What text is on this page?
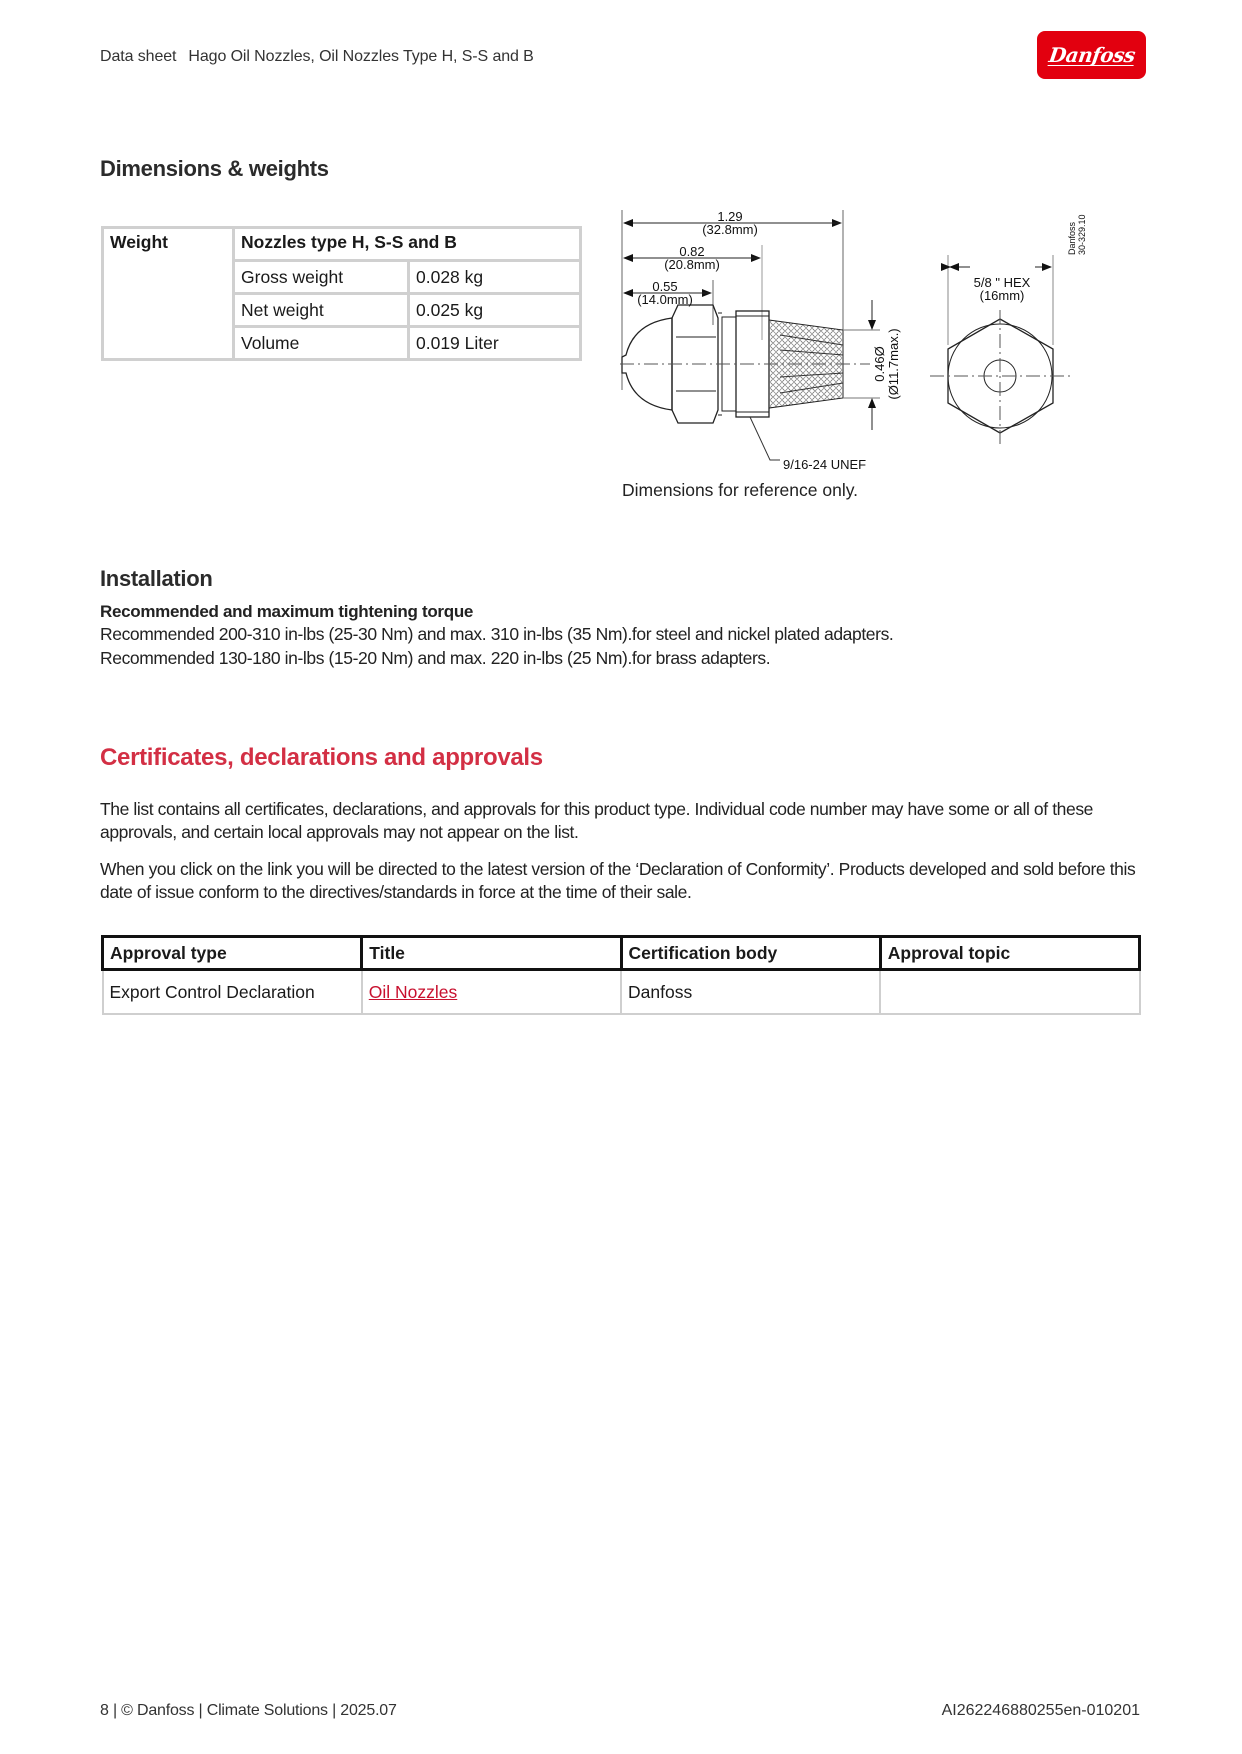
Data sheet Hago Oil Nozzles, Oil Nozzles Type H, S-S and B	Danfoss
Dimensions & weights
Weight	Nozzles type H, S-S and B	
	Gross weight	0.028 kg
	Net weight	0.025 kg
	Volume	0.019 Liter
1.29
(32.8mm)
0.82
(20.8mm)
0.55
(14.0mm)
9/16-24 UNEF
0.46Ø (Ø11.7max.)
5/8 " HEX
(16mm)
Danfoss 30-329.10
Dimensions for reference only.
Installation
Recommended and maximum tightening torque
Recommended 200-310 in-lbs (25-30 Nm) and max. 310 in-lbs (35 Nm).for steel and nickel plated adapters.
Recommended 130-180 in-lbs (15-20 Nm) and max. 220 in-lbs (25 Nm).for brass adapters.
Certificates, declarations and approvals
The list contains all certificates, declarations, and approvals for this product type. Individual code number may have some or all of these approvals, and certain local approvals may not appear on the list.
When you click on the link you will be directed to the latest version of the ‘Declaration of Conformity’. Products developed and sold before this date of issue conform to the directives/standards in force at the time of their sale.
Approval type	Title	Certification body	Approval topic
Export Control Declaration	Oil Nozzles	Danfoss	
8 | © Danfoss | Climate Solutions | 2025.07	AI262246880255en-010201
